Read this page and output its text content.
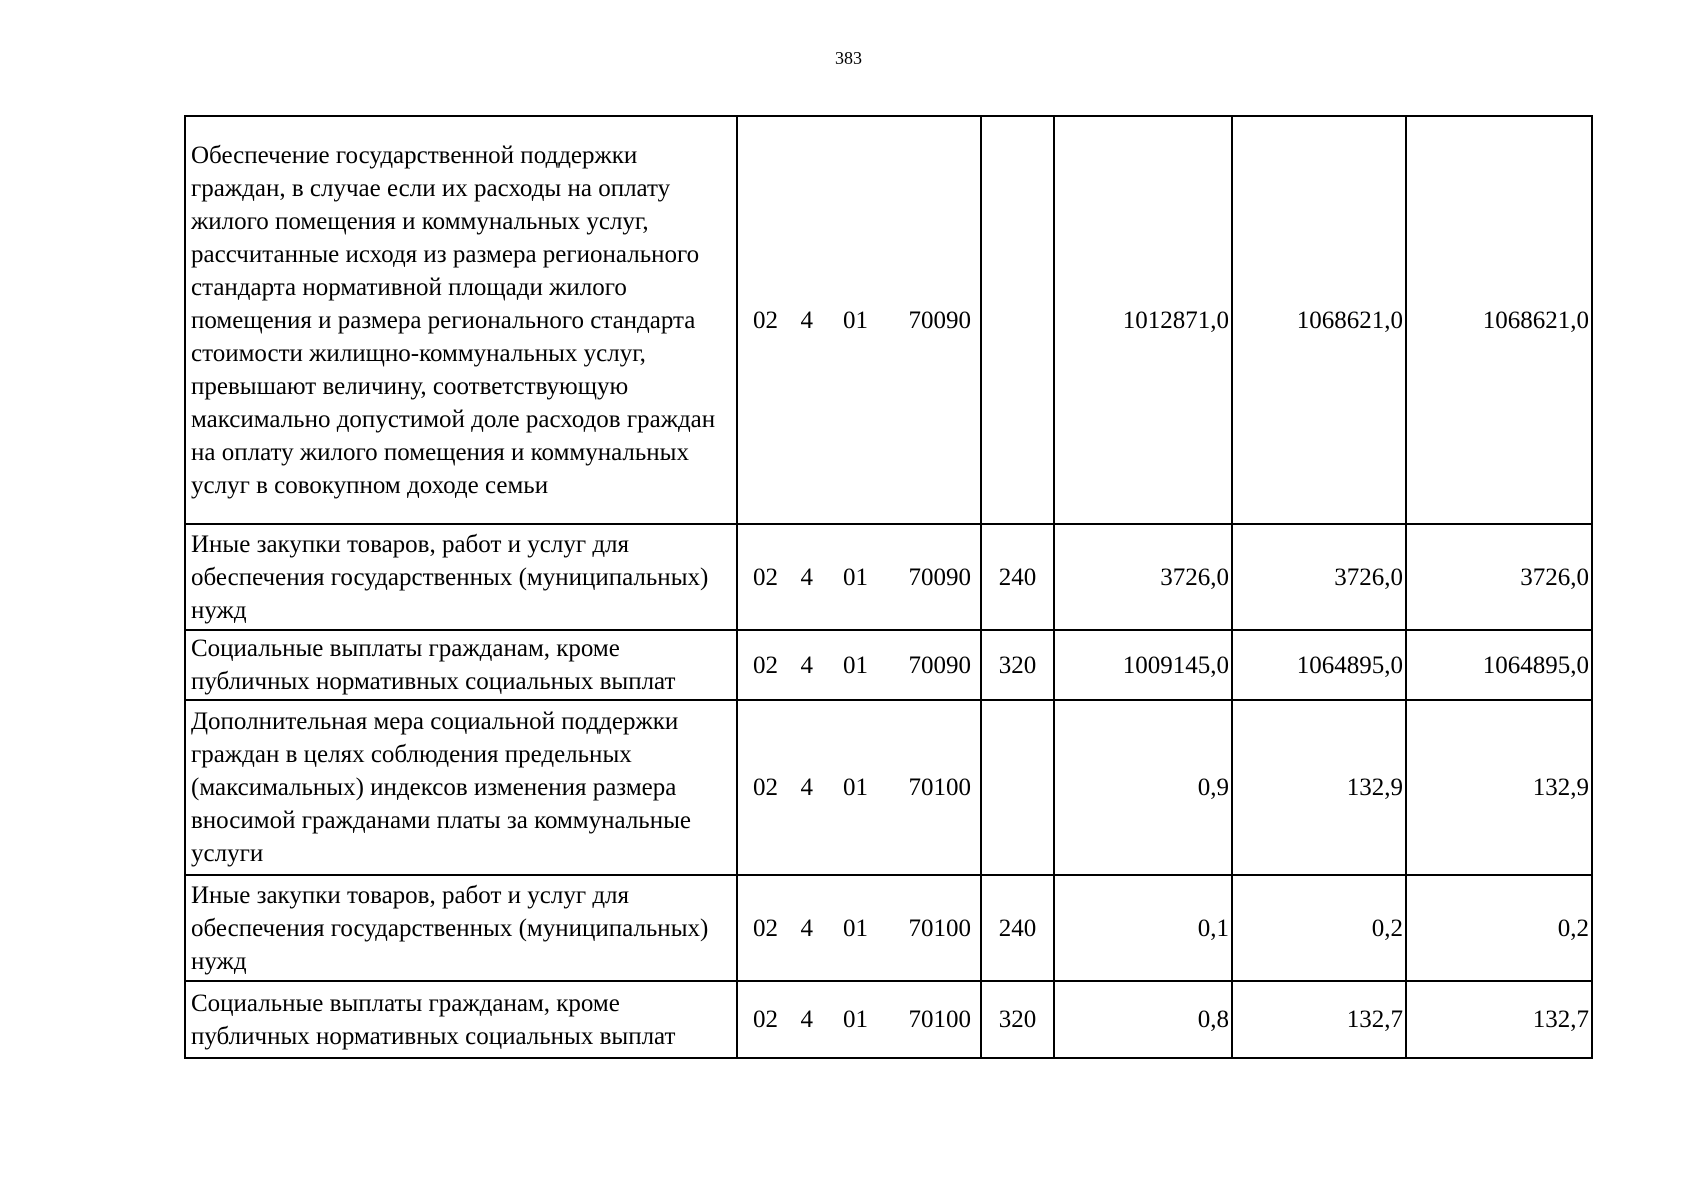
383
Обеспечение государственной поддержки граждан, в случае если их расходы на оплату жилого помещения и коммунальных услуг, рассчитанные исходя из размера регионального стандарта нормативной площади жилого помещения и размера регионального стандарта стоимости жилищно-коммунальных услуг, превышают величину, соответствующую максимально допустимой доле расходов граждан на оплату жилого помещения и коммунальных услуг в совокупном доходе семьи	02 4 01 70090		1012871,0	1068621,0	1068621,0
Иные закупки товаров, работ и услуг для обеспечения государственных (муниципальных) нужд	02 4 01 70090	240	3726,0	3726,0	3726,0
Социальные выплаты гражданам, кроме публичных нормативных социальных выплат	02 4 01 70090	320	1009145,0	1064895,0	1064895,0
Дополнительная мера социальной поддержки граждан в целях соблюдения предельных (максимальных) индексов изменения размера вносимой гражданами платы за коммунальные услуги	02 4 01 70100		0,9	132,9	132,9
Иные закупки товаров, работ и услуг для обеспечения государственных (муниципальных) нужд	02 4 01 70100	240	0,1	0,2	0,2
Социальные выплаты гражданам, кроме публичных нормативных социальных выплат	02 4 01 70100	320	0,8	132,7	132,7
